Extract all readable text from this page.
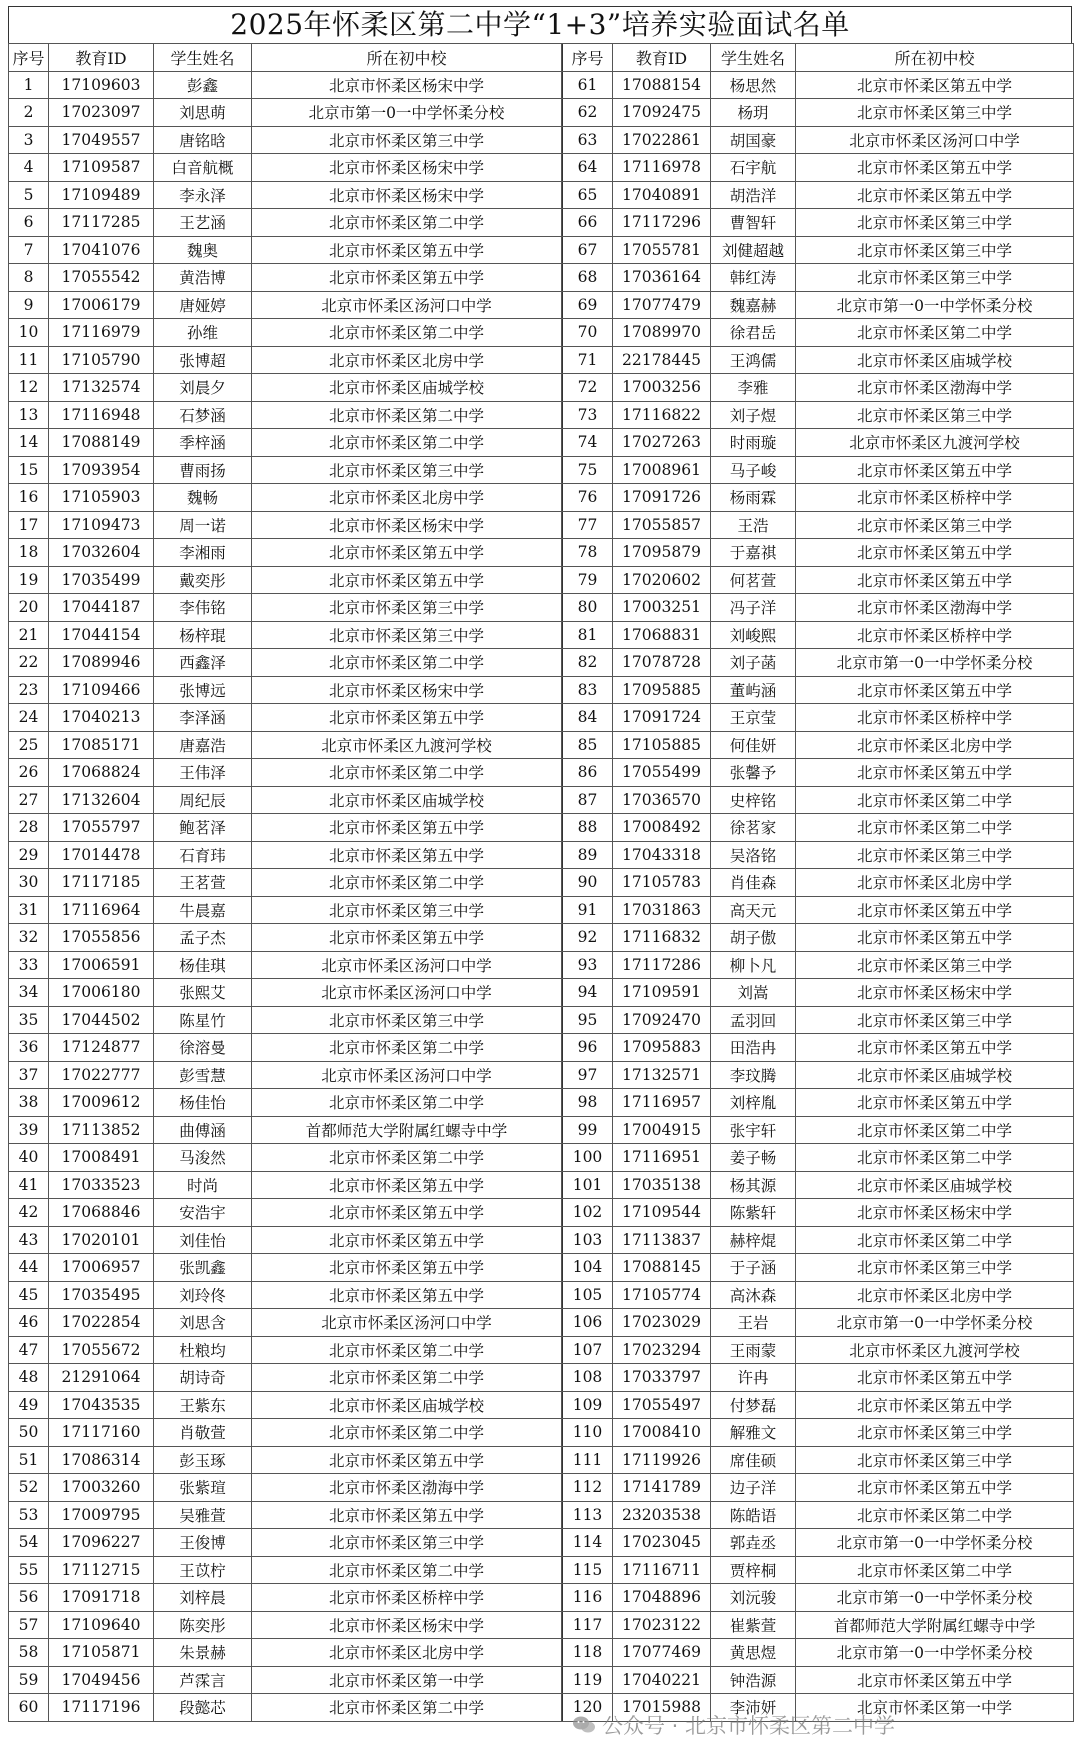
2025年怀柔区第二中学“1+3”培养实验面试名单
序号	教育ID	学生姓名	所在初中校
1	17109603	彭鑫	北京市怀柔区杨宋中学
2	17023097	刘思萌	北京市第一0一中学怀柔分校
3	17049557	唐铭晗	北京市怀柔区第三中学
4	17109587	白音航概	北京市怀柔区杨宋中学
5	17109489	李永泽	北京市怀柔区杨宋中学
6	17117285	王艺涵	北京市怀柔区第二中学
7	17041076	魏奥	北京市怀柔区第五中学
8	17055542	黄浩博	北京市怀柔区第五中学
9	17006179	唐娅婷	北京市怀柔区汤河口中学
10	17116979	孙维	北京市怀柔区第二中学
11	17105790	张博超	北京市怀柔区北房中学
12	17132574	刘晨夕	北京市怀柔区庙城学校
13	17116948	石梦涵	北京市怀柔区第二中学
14	17088149	季梓涵	北京市怀柔区第二中学
15	17093954	曹雨扬	北京市怀柔区第三中学
16	17105903	魏畅	北京市怀柔区北房中学
17	17109473	周一诺	北京市怀柔区杨宋中学
18	17032604	李湘雨	北京市怀柔区第五中学
19	17035499	戴奕彤	北京市怀柔区第五中学
20	17044187	李伟铭	北京市怀柔区第三中学
21	17044154	杨梓琨	北京市怀柔区第三中学
22	17089946	西鑫泽	北京市怀柔区第二中学
23	17109466	张博远	北京市怀柔区杨宋中学
24	17040213	李泽涵	北京市怀柔区第五中学
25	17085171	唐嘉浩	北京市怀柔区九渡河学校
26	17068824	王伟泽	北京市怀柔区第二中学
27	17132604	周纪辰	北京市怀柔区庙城学校
28	17055797	鲍茗泽	北京市怀柔区第五中学
29	17014478	石育玮	北京市怀柔区第五中学
30	17117185	王茗萱	北京市怀柔区第二中学
31	17116964	牛晨嘉	北京市怀柔区第三中学
32	17055856	孟子杰	北京市怀柔区第五中学
33	17006591	杨佳琪	北京市怀柔区汤河口中学
34	17006180	张熙艾	北京市怀柔区汤河口中学
35	17044502	陈星竹	北京市怀柔区第三中学
36	17124877	徐溶曼	北京市怀柔区第二中学
37	17022777	彭雪慧	北京市怀柔区汤河口中学
38	17009612	杨佳怡	北京市怀柔区第二中学
39	17113852	曲傅涵	首都师范大学附属红螺寺中学
40	17008491	马浚然	北京市怀柔区第二中学
41	17033523	时尚	北京市怀柔区第五中学
42	17068846	安浩宇	北京市怀柔区第五中学
43	17020101	刘佳怡	北京市怀柔区第五中学
44	17006957	张凯鑫	北京市怀柔区第五中学
45	17035495	刘玲佟	北京市怀柔区第五中学
46	17022854	刘思含	北京市怀柔区汤河口中学
47	17055672	杜粮均	北京市怀柔区第二中学
48	21291064	胡诗奇	北京市怀柔区第二中学
49	17043535	王紫东	北京市怀柔区庙城学校
50	17117160	肖敬萱	北京市怀柔区第二中学
51	17086314	彭玉琢	北京市怀柔区第五中学
52	17003260	张紫瑄	北京市怀柔区渤海中学
53	17009795	吴雅萱	北京市怀柔区第五中学
54	17096227	王俊博	北京市怀柔区第三中学
55	17112715	王苡柠	北京市怀柔区第二中学
56	17091718	刘梓晨	北京市怀柔区桥梓中学
57	17109640	陈奕彤	北京市怀柔区杨宋中学
58	17105871	朱景赫	北京市怀柔区北房中学
59	17049456	芦霂言	北京市怀柔区第一中学
60	17117196	段懿芯	北京市怀柔区第二中学
序号	教育ID	学生姓名	所在初中校
61	17088154	杨思然	北京市怀柔区第五中学
62	17092475	杨玥	北京市怀柔区第三中学
63	17022861	胡国豪	北京市怀柔区汤河口中学
64	17116978	石宇航	北京市怀柔区第五中学
65	17040891	胡浩洋	北京市怀柔区第五中学
66	17117296	曹智轩	北京市怀柔区第三中学
67	17055781	刘健超越	北京市怀柔区第三中学
68	17036164	韩红涛	北京市怀柔区第三中学
69	17077479	魏嘉赫	北京市第一0一中学怀柔分校
70	17089970	徐君岳	北京市怀柔区第二中学
71	22178445	王鸿儒	北京市怀柔区庙城学校
72	17003256	李雅	北京市怀柔区渤海中学
73	17116822	刘子煜	北京市怀柔区第三中学
74	17027263	时雨璇	北京市怀柔区九渡河学校
75	17008961	马子峻	北京市怀柔区第五中学
76	17091726	杨雨霖	北京市怀柔区桥梓中学
77	17055857	王浩	北京市怀柔区第三中学
78	17095879	于嘉祺	北京市怀柔区第五中学
79	17020602	何茗萱	北京市怀柔区第五中学
80	17003251	冯子洋	北京市怀柔区渤海中学
81	17068831	刘峻熙	北京市怀柔区桥梓中学
82	17078728	刘子菡	北京市第一0一中学怀柔分校
83	17095885	董屿涵	北京市怀柔区第五中学
84	17091724	王京莹	北京市怀柔区桥梓中学
85	17105885	何佳妍	北京市怀柔区北房中学
86	17055499	张馨予	北京市怀柔区第五中学
87	17036570	史梓铭	北京市怀柔区第二中学
88	17008492	徐茗家	北京市怀柔区第二中学
89	17043318	吴洛铭	北京市怀柔区第三中学
90	17105783	肖佳森	北京市怀柔区北房中学
91	17031863	高天元	北京市怀柔区第五中学
92	17116832	胡子傲	北京市怀柔区第五中学
93	17117286	柳卜凡	北京市怀柔区第三中学
94	17109591	刘嵩	北京市怀柔区杨宋中学
95	17092470	孟羽回	北京市怀柔区第三中学
96	17095883	田浩冉	北京市怀柔区第五中学
97	17132571	李玟腾	北京市怀柔区庙城学校
98	17116957	刘梓胤	北京市怀柔区第五中学
99	17004915	张宇轩	北京市怀柔区第二中学
100	17116951	姜子畅	北京市怀柔区第二中学
101	17035138	杨其源	北京市怀柔区庙城学校
102	17109544	陈紫轩	北京市怀柔区杨宋中学
103	17113837	赫梓焜	北京市怀柔区第二中学
104	17088145	于子涵	北京市怀柔区第三中学
105	17105774	高沐森	北京市怀柔区北房中学
106	17023029	王岩	北京市第一0一中学怀柔分校
107	17023294	王雨蒙	北京市怀柔区九渡河学校
108	17033797	许冉	北京市怀柔区第五中学
109	17055497	付梦磊	北京市怀柔区第五中学
110	17008410	解雅文	北京市怀柔区第三中学
111	17119926	席佳硕	北京市怀柔区第三中学
112	17141789	边子洋	北京市怀柔区第五中学
113	23203538	陈皓语	北京市怀柔区第二中学
114	17023045	郭垚丞	北京市第一0一中学怀柔分校
115	17116711	贾梓桐	北京市怀柔区第二中学
116	17048896	刘沅骏	北京市第一0一中学怀柔分校
117	17023122	崔紫萱	首都师范大学附属红螺寺中学
118	17077469	黄思煜	北京市第一0一中学怀柔分校
119	17040221	钟浩源	北京市怀柔区第五中学
120	17015988	李沛妍	北京市怀柔区第一中学
公众号 · 北京市怀柔区第二中学
